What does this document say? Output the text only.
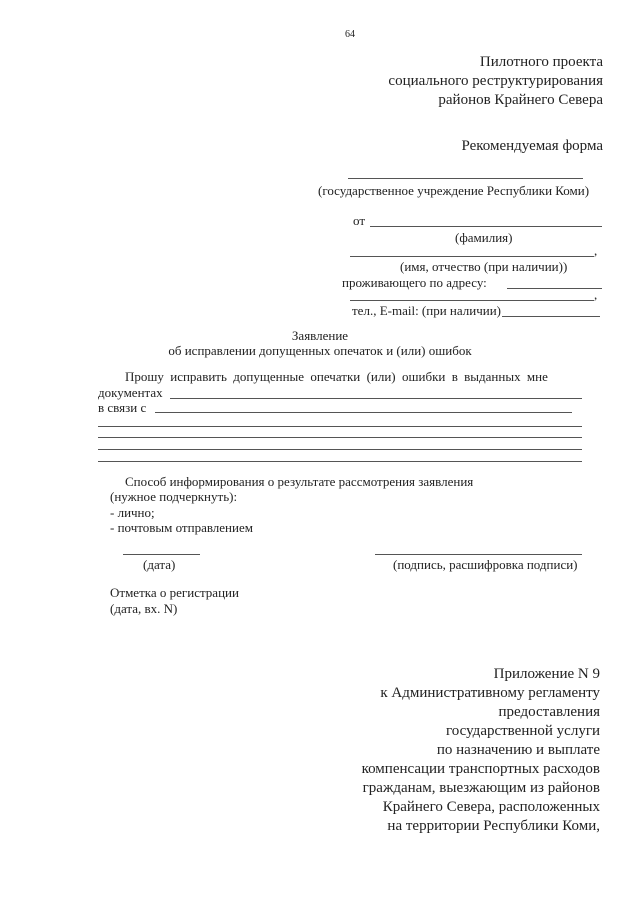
64
Пилотного проекта
социального реструктурирования
районов Крайнего Севера
Рекомендуемая форма
(государственное учреждение Республики Коми)
от
(фамилия)
,
(имя, отчество (при наличии))
проживающего по адресу:
,
тел., E-mail: (при наличии)
Заявление
об исправлении допущенных опечаток и (или) ошибок
Прошу исправить допущенные опечатки (или) ошибки в выданных мне
документах
в связи с
Способ информирования о результате рассмотрения заявления
(нужное подчеркнуть):
- лично;
- почтовым отправлением
(дата)	(подпись, расшифровка подписи)
Отметка о регистрации
(дата, вх. N)
Приложение N 9
к Административному регламенту
предоставления
государственной услуги
по назначению и выплате
компенсации транспортных расходов
гражданам, выезжающим из районов
Крайнего Севера, расположенных
на территории Республики Коми,
